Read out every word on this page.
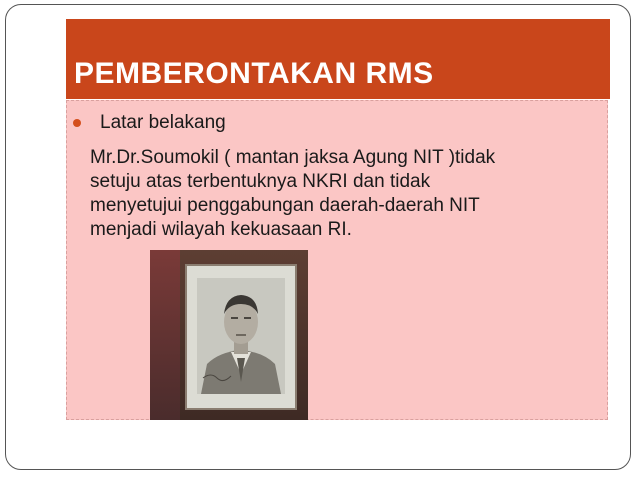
PEMBERONTAKAN RMS
Latar belakang
Mr.Dr.Soumokil ( mantan jaksa Agung NIT )tidak
setuju atas terbentuknya NKRI dan tidak
menyetujui penggabungan daerah-daerah NIT
menjadi wilayah kekuasaan RI.
